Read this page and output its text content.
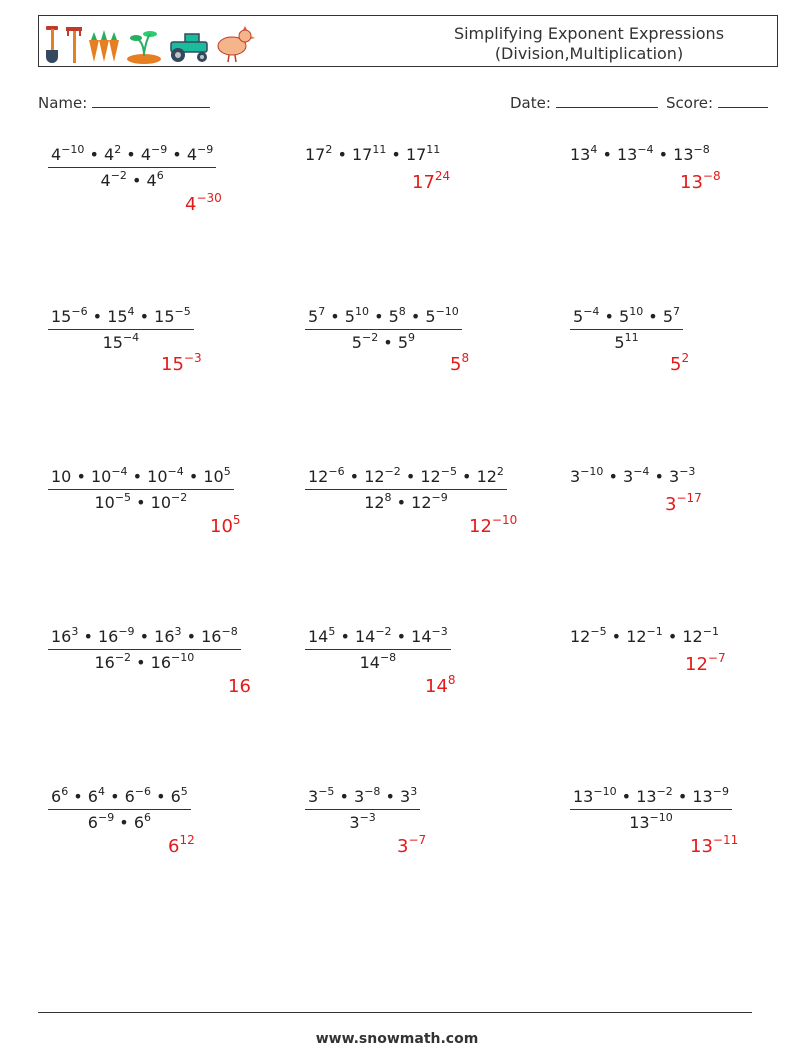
Simplifying Exponent Expressions
(Division,Multiplication)
Name:	Date:	Score:
$\frac{4^{-10} • 4^2 • 4^{-9} • 4^{-9}}{4^{-2} • 4^6}$
$4^{-30}$
$17^2$ • $17^{11}$ • $17^{11}$
$17^{24}$
$13^4$ • $13^{-4}$ • $13^{-8}$
$13^{-8}$
$\frac{15^{-6} • 15^4 • 15^{-5}}{15^{-4}}$
$15^{-3}$
$\frac{5^7 • 5^{10} • 5^8 • 5^{-10}}{5^{-2} • 5^9}$
$5^8$
$\frac{5^{-4} • 5^{10} • 5^7}{5^{11}}$
$5^2$
$\frac{10 • 10^{-4} • 10^{-4} • 10^5}{10^{-5} • 10^{-2}}$
$10^5$
$\frac{12^{-6} • 12^{-2} • 12^{-5} • 12^2}{12^8 • 12^{-9}}$
$12^{-10}$
$3^{-10}$ • $3^{-4}$ • $3^{-3}$
$3^{-17}$
$\frac{16^3 • 16^{-9} • 16^3 • 16^{-8}}{16^{-2} • 16^{-10}}$
16
$\frac{14^5 • 14^{-2} • 14^{-3}}{14^{-8}}$
$14^8$
$12^{-5}$ • $12^{-1}$ • $12^{-1}$
$12^{-7}$
$\frac{6^6 • 6^4 • 6^{-6} • 6^5}{6^{-9} • 6^6}$
$6^{12}$
$\frac{3^{-5} • 3^{-8} • 3^3}{3^{-3}}$
$3^{-7}$
$\frac{13^{-10} • 13^{-2} • 13^{-9}}{13^{-10}}$
$13^{-11}$
www.snowmath.com
